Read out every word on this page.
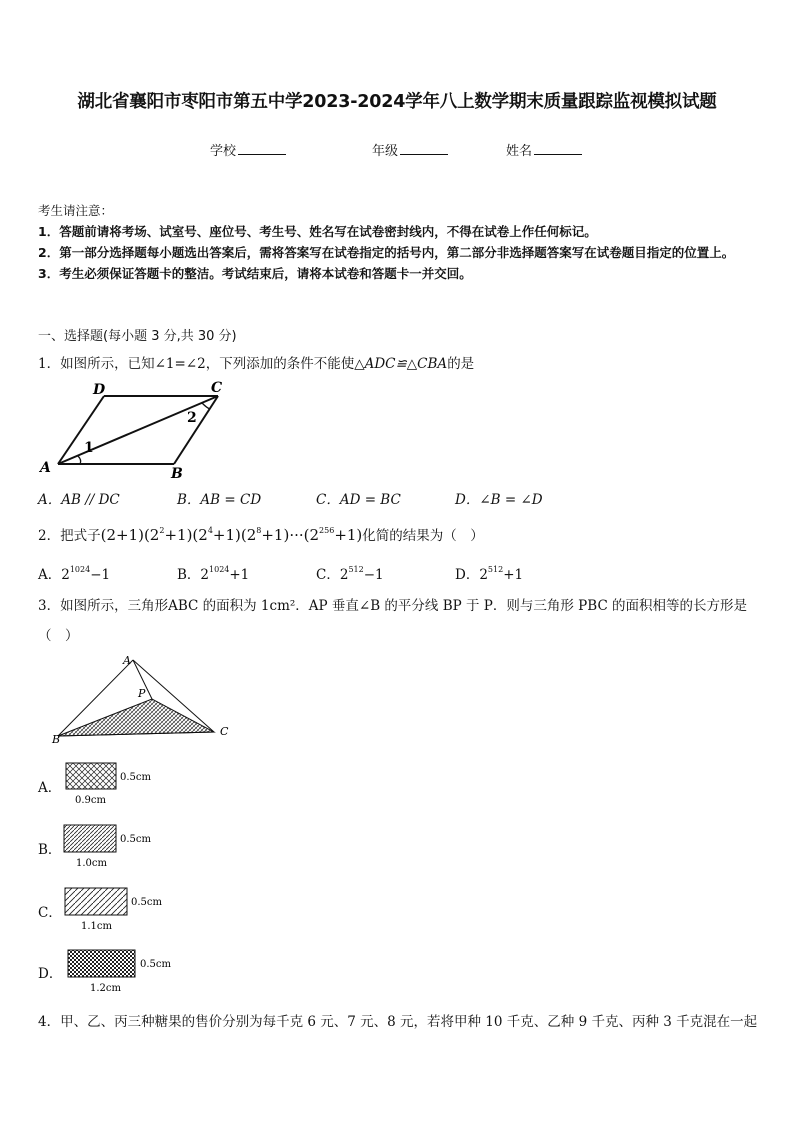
湖北省襄阳市枣阳市第五中学2023-2024学年八上数学期末质量跟踪监视模拟试题
学校	年级	姓名
考生请注意：
1．答题前请将考场、试室号、座位号、考生号、姓名写在试卷密封线内，不得在试卷上作任何标记。
2．第一部分选择题每小题选出答案后，需将答案写在试卷指定的括号内，第二部分非选择题答案写在试卷题目指定的位置上。
3．考生必须保证答题卡的整洁。考试结束后，请将本试卷和答题卡一并交回。
一、选择题(每小题 3 分,共 30 分)
1．如图所示，已知∠1=∠2，下列添加的条件不能使△ADC≌△CBA的是
1
2
A	B
C
D
A．AB // DC	B．AB = CD	C．AD = BC	D．∠B = ∠D
2．把式子$(2+1)(2^2+1)(2^4+1)(2^8+1)\cdot\cdot\cdot(2^{256}+1)$化简的结果为（　）
A．$2^{1024}-1$	B．$2^{1024}+1$	C．$2^{512}-1$	D．$2^{512}+1$
3．如图所示，三角形ABC 的面积为 1cm²．AP 垂直∠B 的平分线 BP 于 P．则与三角形 PBC 的面积相等的长方形是
（　）
A
P
B
C
A．
0.5cm
0.9cm
B．
0.5cm
1.0cm
C．
0.5cm
1.1cm
D．
0.5cm
1.2cm
4．甲、乙、丙三种糖果的售价分别为每千克 6 元、7 元、8 元，若将甲种 10 千克、乙种 9 千克、丙种 3 千克混在一起
